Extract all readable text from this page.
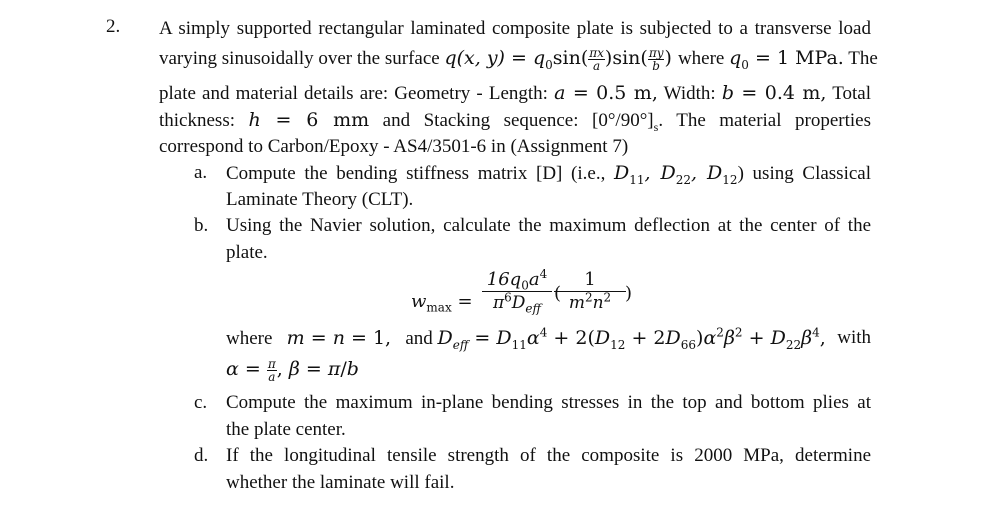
2. A simply supported rectangular laminated composite plate is subjected to a transverse load
varying sinusoidally over the surface q(x, $y) = q_0\sin( \frac{\pi x}{a} )\sin( \frac{\pi y}{b}$ ) where $q_0 = 1$ MPa. The
plate and material details are: Geometry - Length: a = 0.5 m, Width: b = 0.4 m, Total
thickness: h = 6 mm and Stacking sequence: $[0^\circ/90^\circ]_s$. The material properties
correspond to Carbon/Epoxy - AS4/3501-6 in (Assignment 7)
a. Compute the bending stiffness matrix [D] (i.e., $D_{11}$, $D_{22}$, $D_{12}$) using Classical
Laminate Theory (CLT).
b. Using the Navier solution, calculate the maximum deflection at the center of the
plate.
$w_{max}$ =
$16q_0a^4$
$\pi^6D_{eff}$ (
1
)
$m^2n^2$
where m = n = 1, and $D_{eff} = D_{11}\alpha^4 + 2(D_{12} + 2D_{66})\alpha^2\beta^2 + D_{22}\beta^4$, with
$\alpha = \frac{\pi}{a}$ , β = π/b
c. Compute the maximum in-plane bending stresses in the top and bottom plies at
the plate center.
d. If the longitudinal tensile strength of the composite is 2000 MPa, determine
whether the laminate will fail.
